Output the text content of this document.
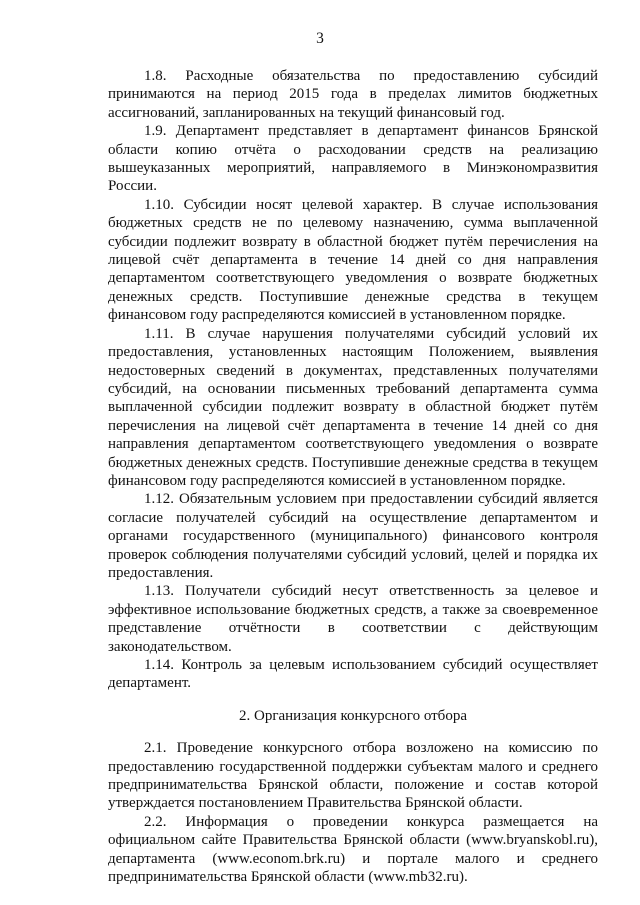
3

1.8. Расходные обязательства по предоставлению субсидий принимаются на период 2015 года в пределах лимитов бюджетных ассигнований, запланированных на текущий финансовый год.

1.9. Департамент представляет в департамент финансов Брянской области копию отчёта о расходовании средств на реализацию вышеуказанных мероприятий, направляемого в Минэкономразвития России.

1.10. Субсидии носят целевой характер. В случае использования бюджетных средств не по целевому назначению, сумма выплаченной субсидии подлежит возврату в областной бюджет путём перечисления на лицевой счёт департамента в течение 14 дней со дня направления департаментом соответствующего уведомления о возврате бюджетных денежных средств. Поступившие денежные средства в текущем финансовом году распределяются комиссией в установленном порядке.

1.11. В случае нарушения получателями субсидий условий их предоставления, установленных настоящим Положением, выявления недостоверных сведений в документах, представленных получателями субсидий, на основании письменных требований департамента сумма выплаченной субсидии подлежит возврату в областной бюджет путём перечисления на лицевой счёт департамента в течение 14 дней со дня направления департаментом соответствующего уведомления о возврате бюджетных денежных средств. Поступившие денежные средства в текущем финансовом году распределяются комиссией в установленном порядке.

1.12. Обязательным условием при предоставлении субсидий является согласие получателей субсидий на осуществление департаментом и органами государственного (муниципального) финансового контроля проверок соблюдения получателями субсидий условий, целей и порядка их предоставления.

1.13. Получатели субсидий несут ответственность за целевое и эффективное использование бюджетных средств, а также за своевременное представление отчётности в соответствии с действующим законодательством.

1.14. Контроль за целевым использованием субсидий осуществляет департамент.

2. Организация конкурсного отбора

2.1. Проведение конкурсного отбора возложено на комиссию по предоставлению государственной поддержки субъектам малого и среднего предпринимательства Брянской области, положение и состав которой утверждается постановлением Правительства Брянской области.

2.2. Информация о проведении конкурса размещается на официальном сайте Правительства Брянской области (www.bryanskobl.ru), департамента (www.econom.brk.ru) и портале малого и среднего предпринимательства Брянской области (www.mb32.ru).
